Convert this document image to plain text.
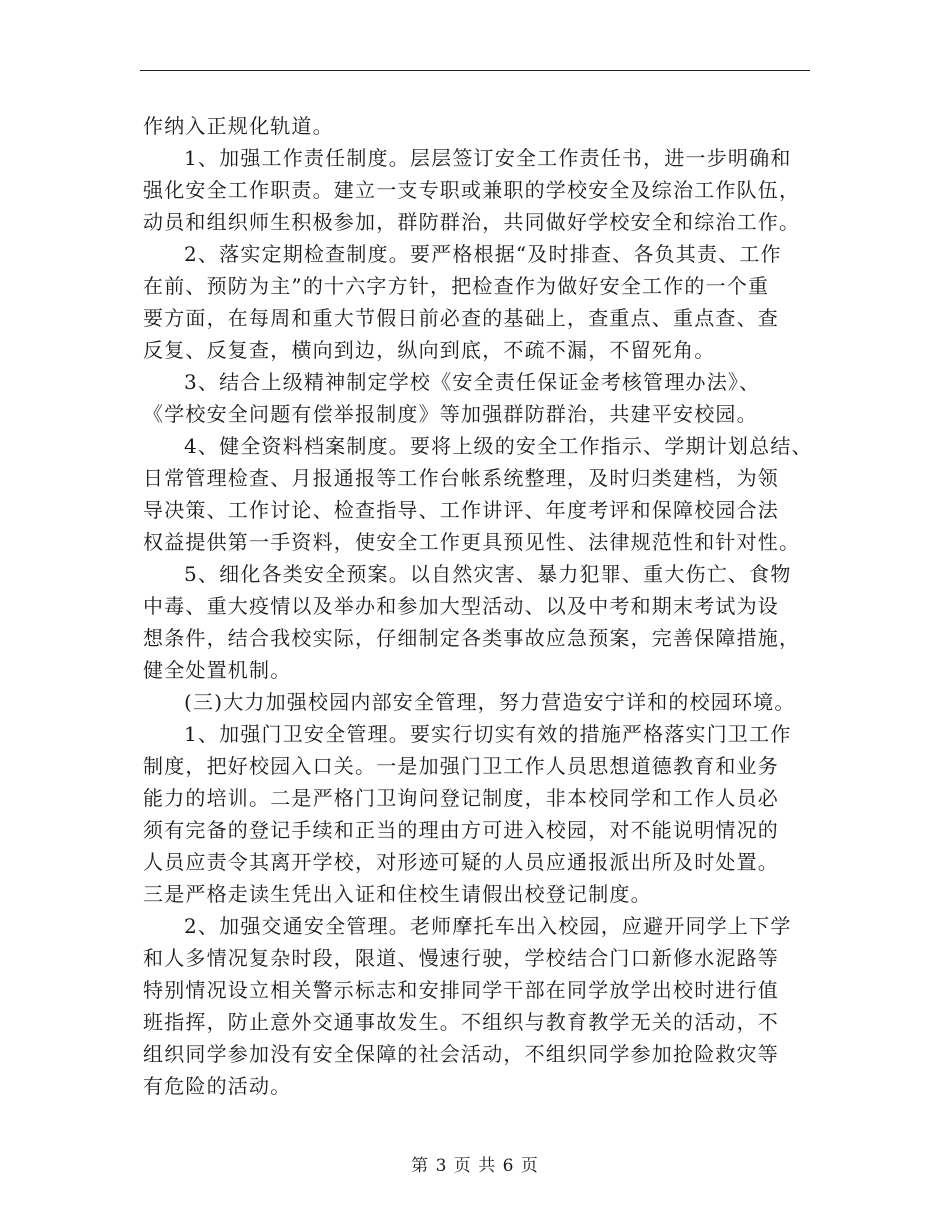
作纳入正规化轨道。
1、加强工作责任制度。层层签订安全工作责任书，进一步明确和
强化安全工作职责。建立一支专职或兼职的学校安全及综治工作队伍，
动员和组织师生积极参加，群防群治，共同做好学校安全和综治工作。
2、落实定期检查制度。要严格根据“及时排查、各负其责、工作
在前、预防为主”的十六字方针，把检查作为做好安全工作的一个重
要方面，在每周和重大节假日前必查的基础上，查重点、重点查、查
反复、反复查，横向到边，纵向到底，不疏不漏，不留死角。
3、结合上级精神制定学校《安全责任保证金考核管理办法》、
《学校安全问题有偿举报制度》等加强群防群治，共建平安校园。
4、健全资料档案制度。要将上级的安全工作指示、学期计划总结、
日常管理检查、月报通报等工作台帐系统整理，及时归类建档，为领
导决策、工作讨论、检查指导、工作讲评、年度考评和保障校园合法
权益提供第一手资料，使安全工作更具预见性、法律规范性和针对性。
5、细化各类安全预案。以自然灾害、暴力犯罪、重大伤亡、食物
中毒、重大疫情以及举办和参加大型活动、以及中考和期末考试为设
想条件，结合我校实际，仔细制定各类事故应急预案，完善保障措施，
健全处置机制。
(三)大力加强校园内部安全管理，努力营造安宁详和的校园环境。
1、加强门卫安全管理。要实行切实有效的措施严格落实门卫工作
制度，把好校园入口关。一是加强门卫工作人员思想道德教育和业务
能力的培训。二是严格门卫询问登记制度，非本校同学和工作人员必
须有完备的登记手续和正当的理由方可进入校园，对不能说明情况的
人员应责令其离开学校，对形迹可疑的人员应通报派出所及时处置。
三是严格走读生凭出入证和住校生请假出校登记制度。
2、加强交通安全管理。老师摩托车出入校园，应避开同学上下学
和人多情况复杂时段，限道、慢速行驶，学校结合门口新修水泥路等
特别情况设立相关警示标志和安排同学干部在同学放学出校时进行值
班指挥，防止意外交通事故发生。不组织与教育教学无关的活动，不
组织同学参加没有安全保障的社会活动，不组织同学参加抢险救灾等
有危险的活动。
第 3 页 共 6 页
